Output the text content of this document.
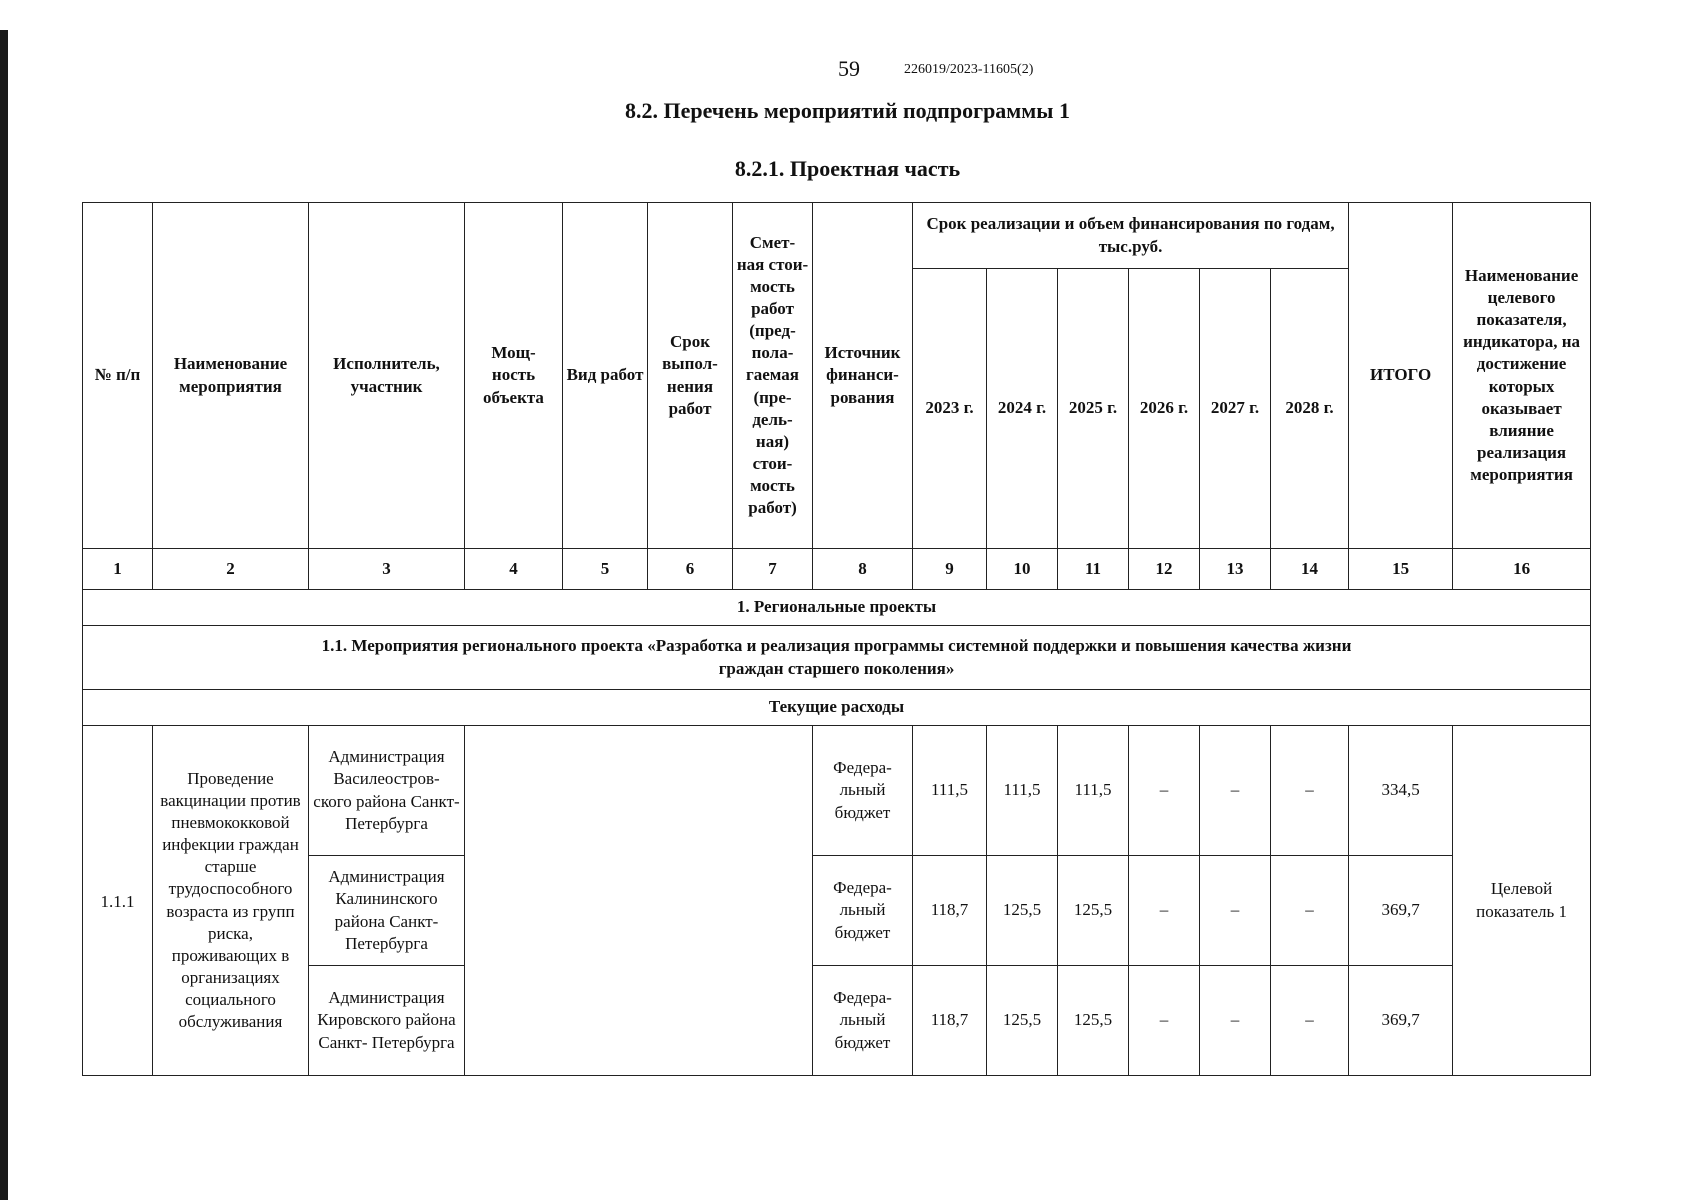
59	226019/2023-11605(2)
8.2. Перечень мероприятий подпрограммы 1
8.2.1. Проектная часть
№ п/п	Наименование мероприятия	Исполнитель, участник	Мощ- ность объекта	Вид работ	Срок выпол- нения работ	Смет- ная стои- мость работ (пред- пола- гаемая (пре- дель- ная) стои- мость работ)	Источник финанси- рования	Срок реализации и объем финансирования по годам, тыс.руб.						ИТОГО	Наименование целевого показателя, индикатора, на достижение которых оказывает влияние реализация мероприятия
								2023 г.	2024 г.	2025 г.	2026 г.	2027 г.	2028 г.		
1	2	3	4	5	6	7	8	9	10	11	12	13	14	15	16
1. Региональные проекты															
1.1. Мероприятия регионального проекта «Разработка и реализация программы системной поддержки и повышения качества жизни граждан старшего поколения»															
Текущие расходы															
1.1.1	Проведение вакцинации против пневмококковой инфекции граждан старше трудоспособного возраста из групп риска, проживающих в организациях социального обслуживания	Администрация Василеостров- ского района Санкт- Петербурга					Федера- льный бюджет	111,5	111,5	111,5	–	–	–	334,5	Целевой показатель 1
		Администрация Калининского района Санкт- Петербурга					Федера- льный бюджет	118,7	125,5	125,5	–	–	–	369,7	
		Администрация Кировского района Санкт- Петербурга					Федера- льный бюджет	118,7	125,5	125,5	–	–	–	369,7	
